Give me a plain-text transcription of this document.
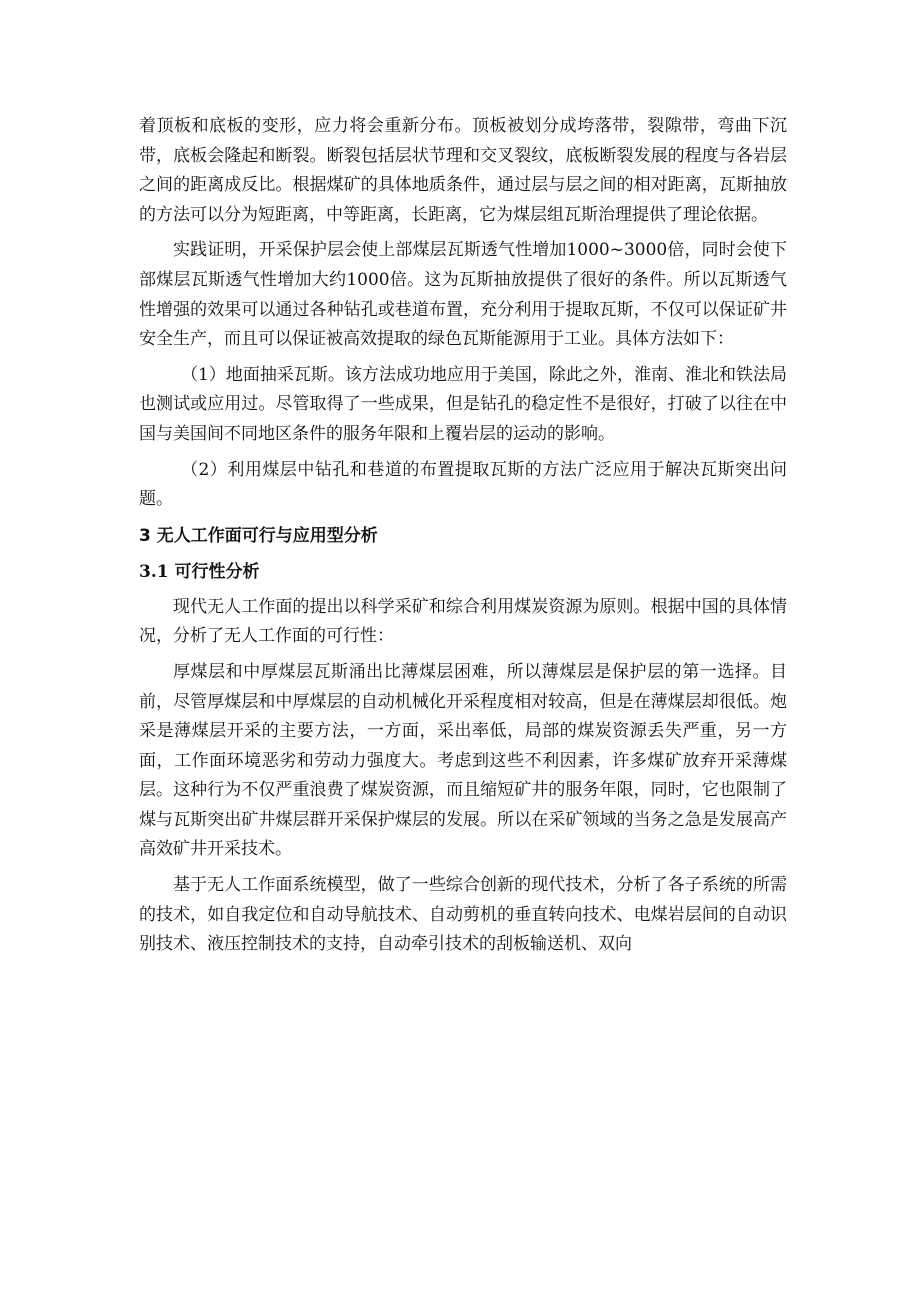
着顶板和底板的变形，应力将会重新分布。顶板被划分成垮落带，裂隙带，弯曲下沉带，底板会隆起和断裂。断裂包括层状节理和交叉裂纹，底板断裂发展的程度与各岩层之间的距离成反比。根据煤矿的具体地质条件，通过层与层之间的相对距离，瓦斯抽放的方法可以分为短距离，中等距离，长距离，它为煤层组瓦斯治理提供了理论依据。

实践证明，开采保护层会使上部煤层瓦斯透气性增加1000~3000倍，同时会使下部煤层瓦斯透气性增加大约1000倍。这为瓦斯抽放提供了很好的条件。所以瓦斯透气性增强的效果可以通过各种钻孔或巷道布置，充分利用于提取瓦斯，不仅可以保证矿井安全生产，而且可以保证被高效提取的绿色瓦斯能源用于工业。具体方法如下：

（1）地面抽采瓦斯。该方法成功地应用于美国，除此之外，淮南、淮北和铁法局也测试或应用过。尽管取得了一些成果，但是钻孔的稳定性不是很好，打破了以往在中国与美国间不同地区条件的服务年限和上覆岩层的运动的影响。

（2）利用煤层中钻孔和巷道的布置提取瓦斯的方法广泛应用于解决瓦斯突出问题。

3 无人工作面可行与应用型分析
3.1 可行性分析

现代无人工作面的提出以科学采矿和综合利用煤炭资源为原则。根据中国的具体情况，分析了无人工作面的可行性：

厚煤层和中厚煤层瓦斯涌出比薄煤层困难，所以薄煤层是保护层的第一选择。目前，尽管厚煤层和中厚煤层的自动机械化开采程度相对较高，但是在薄煤层却很低。炮采是薄煤层开采的主要方法，一方面，采出率低，局部的煤炭资源丢失严重，另一方面，工作面环境恶劣和劳动力强度大。考虑到这些不利因素，许多煤矿放弃开采薄煤层。这种行为不仅严重浪费了煤炭资源，而且缩短矿井的服务年限，同时，它也限制了煤与瓦斯突出矿井煤层群开采保护煤层的发展。所以在采矿领域的当务之急是发展高产高效矿井开采技术。

基于无人工作面系统模型，做了一些综合创新的现代技术，分析了各子系统的所需的技术，如自我定位和自动导航技术、自动剪机的垂直转向技术、电煤岩层间的自动识别技术、液压控制技术的支持，自动牵引技术的刮板输送机、双向
